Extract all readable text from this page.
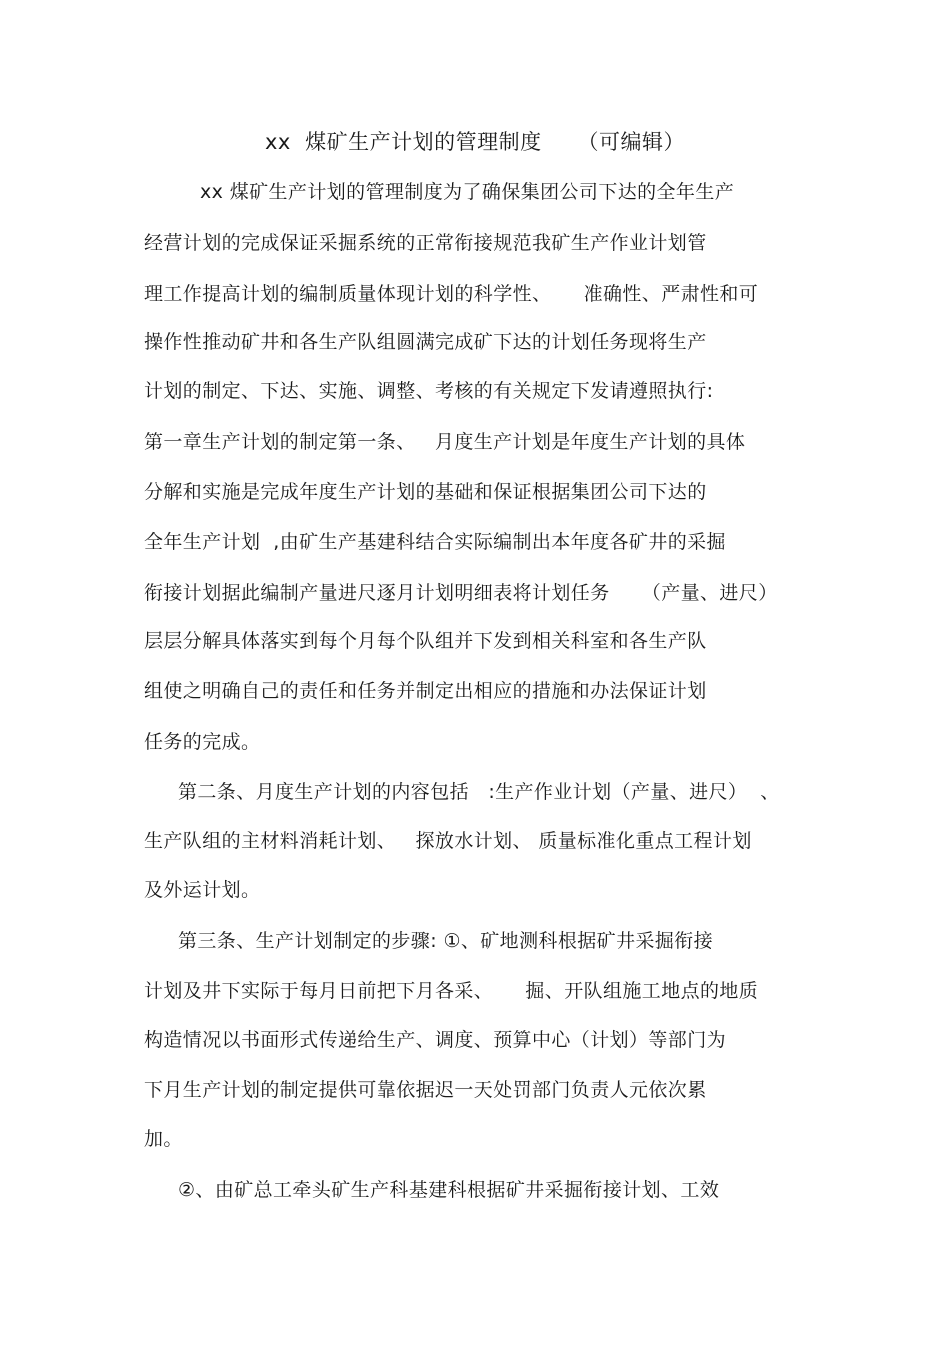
xx  煤矿生产计划的管理制度     （可编辑）
xx 煤矿生产计划的管理制度为了确保集团公司下达的全年生产
经营计划的完成保证采掘系统的正常衔接规范我矿生产作业计划管
理工作提高计划的编制质量体现计划的科学性、     准确性、严肃性和可
操作性推动矿井和各生产队组圆满完成矿下达的计划任务现将生产
计划的制定、下达、实施、调整、考核的有关规定下发请遵照执行:
第一章生产计划的制定第一条、   月度生产计划是年度生产计划的具体
分解和实施是完成年度生产计划的基础和保证根据集团公司下达的
全年生产计划  ,由矿生产基建科结合实际编制出本年度各矿井的采掘
衔接计划据此编制产量进尺逐月计划明细表将计划任务     （产量、进尺）
层层分解具体落实到每个月每个队组并下发到相关科室和各生产队
组使之明确自己的责任和任务并制定出相应的措施和办法保证计划
任务的完成。
第二条、月度生产计划的内容包括   :生产作业计划（产量、进尺）  、
生产队组的主材料消耗计划、   探放水计划、 质量标准化重点工程计划
及外运计划。
第三条、生产计划制定的步骤: ①、矿地测科根据矿井采掘衔接
计划及井下实际于每月日前把下月各采、     掘、开队组施工地点的地质
构造情况以书面形式传递给生产、调度、预算中心（计划）等部门为
下月生产计划的制定提供可靠依据迟一天处罚部门负责人元依次累
加。
②、由矿总工牵头矿生产科基建科根据矿井采掘衔接计划、工效
